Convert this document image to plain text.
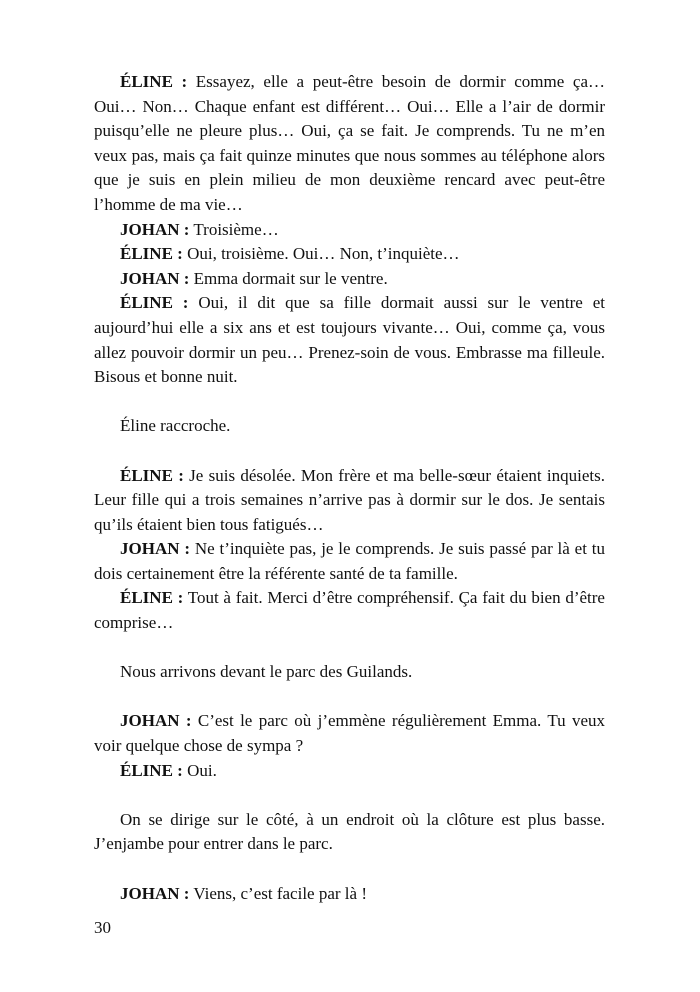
ÉLINE : Essayez, elle a peut-être besoin de dormir comme ça… Oui… Non… Chaque enfant est différent… Oui… Elle a l’air de dormir puisqu’elle ne pleure plus… Oui, ça se fait. Je comprends. Tu ne m’en veux pas, mais ça fait quinze minutes que nous sommes au téléphone alors que je suis en plein milieu de mon deuxième rencard avec peut-être l’homme de ma vie…

JOHAN : Troisième…

ÉLINE : Oui, troisième. Oui… Non, t’inquiète…

JOHAN : Emma dormait sur le ventre.

ÉLINE : Oui, il dit que sa fille dormait aussi sur le ventre et aujourd’hui elle a six ans et est toujours vivante… Oui, comme ça, vous allez pouvoir dormir un peu… Prenez-soin de vous. Embrasse ma filleule. Bisous et bonne nuit.

Éline raccroche.

ÉLINE : Je suis désolée. Mon frère et ma belle-sœur étaient inquiets. Leur fille qui a trois semaines n’arrive pas à dormir sur le dos. Je sentais qu’ils étaient bien tous fatigués…

JOHAN : Ne t’inquiète pas, je le comprends. Je suis passé par là et tu dois certainement être la référente santé de ta famille.

ÉLINE : Tout à fait. Merci d’être compréhensif. Ça fait du bien d’être comprise…

Nous arrivons devant le parc des Guilands.

JOHAN : C’est le parc où j’emmène régulièrement Emma. Tu veux voir quelque chose de sympa ?

ÉLINE : Oui.

On se dirige sur le côté, à un endroit où la clôture est plus basse. J’enjambe pour entrer dans le parc.

JOHAN : Viens, c’est facile par là !

30
